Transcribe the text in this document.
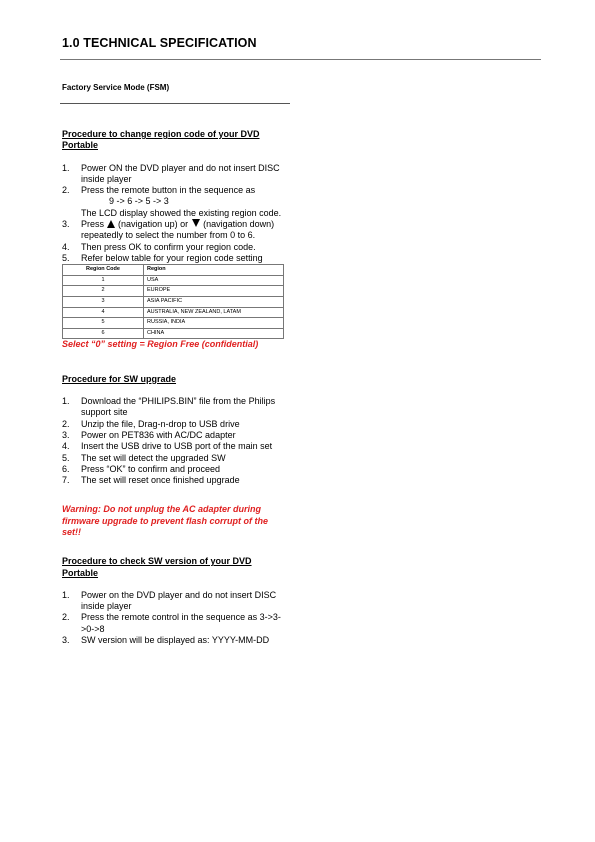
1.0 TECHNICAL SPECIFICATION
Factory Service Mode (FSM)
Procedure to change region code of your DVD Portable
1. Power ON the DVD player and do not insert DISC inside player
2. Press the remote button in the sequence as
9 -> 6 -> 5 -> 3
The LCD display showed the existing region code.
3. Press (navigation up) or (navigation down) repeatedly to select the number from 0 to 6.
4. Then press OK to confirm your region code.
5. Refer below table for your region code setting
Region Code	Region
1	USA
2	EUROPE
3	ASIA PACIFIC
4	AUSTRALIA, NEW ZEALAND, LATAM
5	RUSSIA, INDIA
6	CHINA
Select “0” setting = Region Free (confidential)
Procedure for SW upgrade
1. Download the “PHILIPS.BIN” file from the Philips support site
2. Unzip the file, Drag-n-drop to USB drive
3. Power on PET836 with AC/DC adapter
4. Insert the USB drive to USB port of the main set
5. The set will detect the upgraded SW
6. Press “OK” to confirm and proceed
7. The set will reset once finished upgrade
Warning: Do not unplug the AC adapter during firmware upgrade to prevent flash corrupt of the set!!
Procedure to check SW version of your DVD Portable
1. Power on the DVD player and do not insert DISC inside player
2. Press the remote control in the sequence as 3->3->0->8
3. SW version will be displayed as: YYYY-MM-DD
